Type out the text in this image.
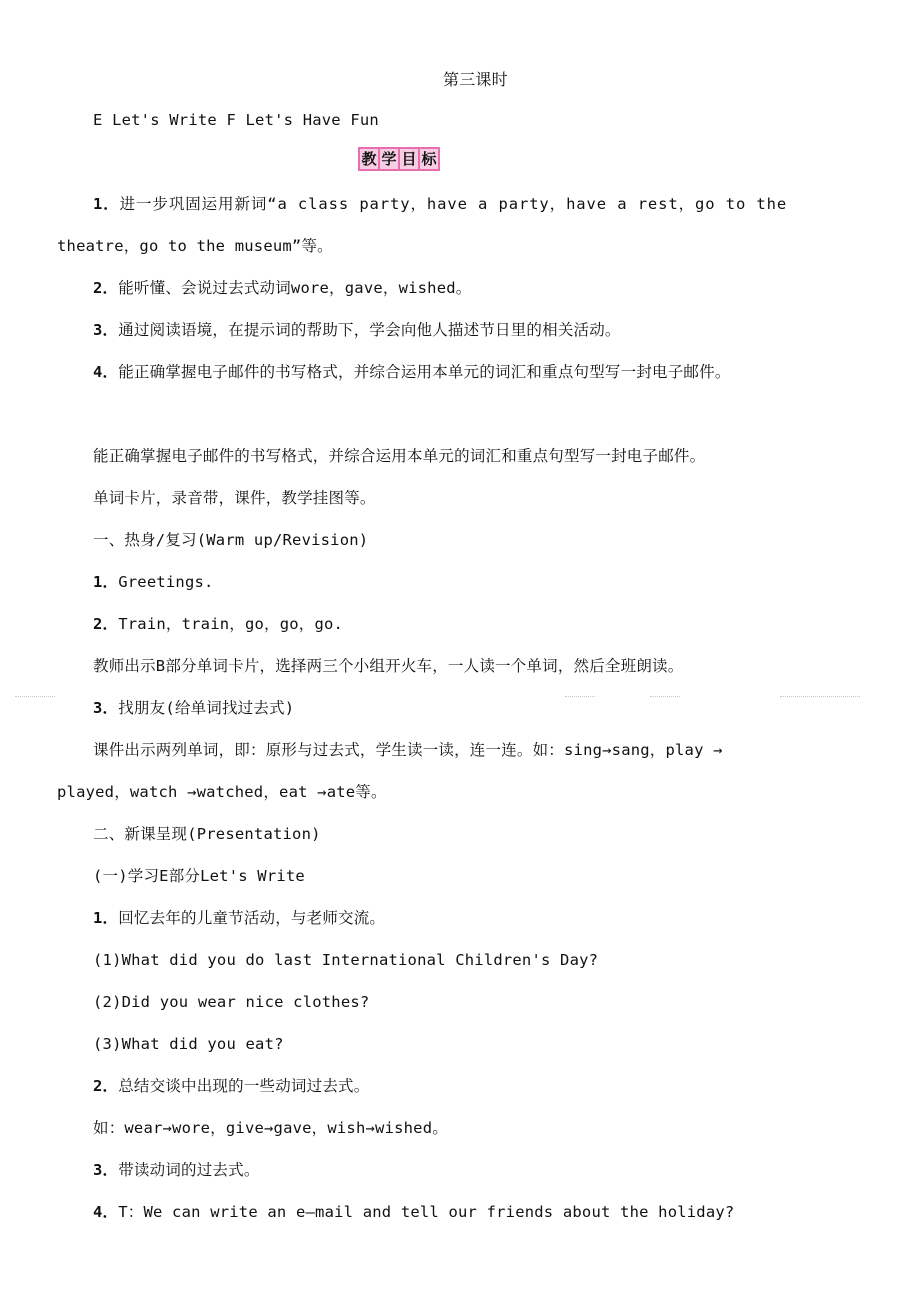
第三课时
E Let's Write F Let's Have Fun
教 学 目 标
1．进一步巩固运用新词“a class party，have a party，have a rest，go to the
theatre，go to the museum”等。
2．能听懂、会说过去式动词wore，gave，wished。
3．通过阅读语境，在提示词的帮助下，学会向他人描述节日里的相关活动。
4．能正确掌握电子邮件的书写格式，并综合运用本单元的词汇和重点句型写一封电子邮件。
能正确掌握电子邮件的书写格式，并综合运用本单元的词汇和重点句型写一封电子邮件。
单词卡片，录音带，课件，教学挂图等。
一、热身/复习(Warm up/Revision)
1．Greetings.
2．Train，train，go，go，go.
教师出示B部分单词卡片，选择两三个小组开火车，一人读一个单词，然后全班朗读。
3．找朋友(给单词找过去式)
课件出示两列单词，即：原形与过去式，学生读一读，连一连。如：sing→sang，play →
played，watch →watched，eat →ate等。
二、新课呈现(Presentation)
(一)学习E部分Let's Write
1．回忆去年的儿童节活动，与老师交流。
(1)What did you do last International Children's Day?
(2)Did you wear nice clothes?
(3)What did you eat?
2．总结交谈中出现的一些动词过去式。
如：wear→wore，give→gave，wish→wished。
3．带读动词的过去式。
4．T：We can write an e—mail and tell our friends about the holiday?
